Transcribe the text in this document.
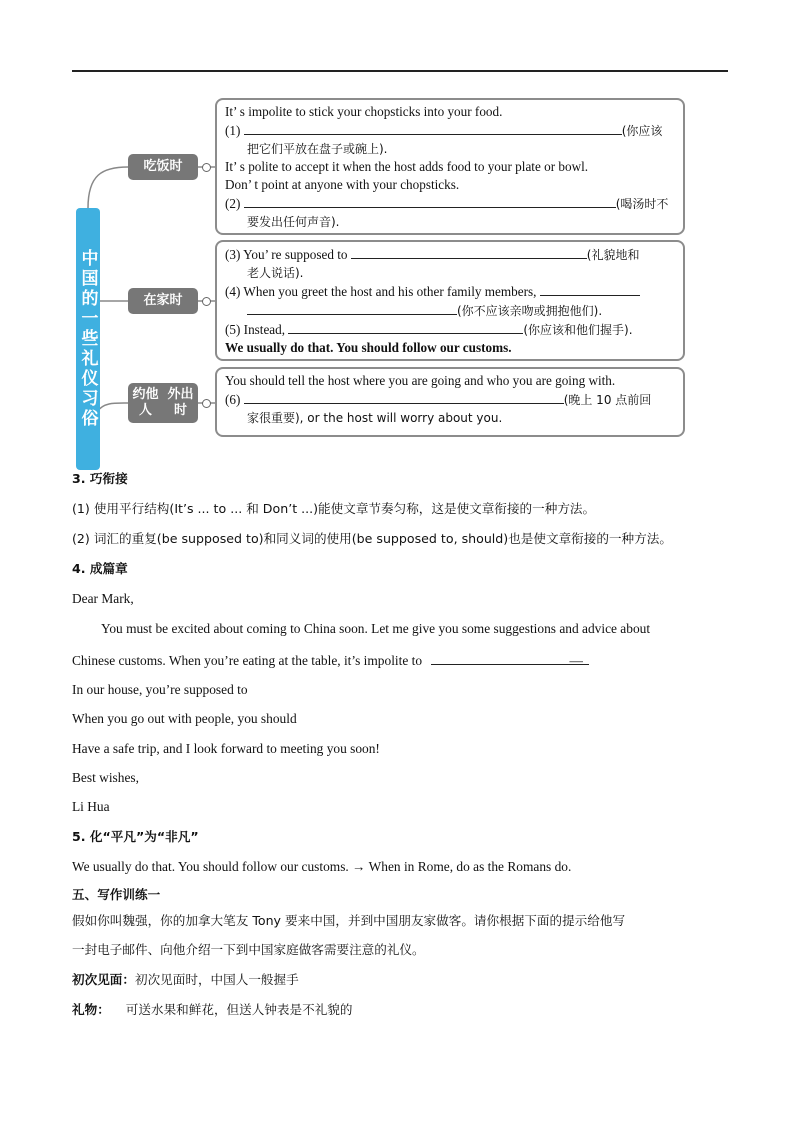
中国的一些礼仪习俗
吃饭时
在家时
约他人

外出时

It’ s impolite to stick your chopsticks into your food.

(1)	(你应该

把它们平放在盘子或碗上).

It’ s polite to accept it when the host adds food to your plate or bowl.

Don’ t point at anyone with your chopsticks.

(2)	(喝汤时不

要发出任何声音).

(3) You’ re supposed to	(礼貌地和

老人说话).

(4) When you greet the host and his other family members,

(你不应该亲吻或拥抱他们).

(5) Instead,	(你应该和他们握手).

We usually do that. You should follow our customs.

You should tell the host where you are going and who you are going with.

(6)	(晚上 10 点前回

家很重要), or the host will worry about you.

3. 巧衔接
(1) 使用平行结构(It’s ... to ... 和 Don’t ...)能使文章节奏匀称，这是使文章衔接的一种方法。
(2) 词汇的重复(be supposed to)和同义词的使用(be supposed to, should)也是使文章衔接的一种方法。
4. 成篇章
Dear Mark,
You must be excited about coming to China soon. Let me give you some suggestions and advice about
Chinese customs. When you’re eating at the table, it’s impolite to	—
In our house, you’re supposed to
When you go out with people, you should
Have a safe trip, and I look forward to meeting you soon!
Best wishes,
Li Hua
5. 化“平凡”为“非凡”
We usually do that. You should follow our customs. → When in Rome, do as the Romans do.
五、写作训练一
假如你叫魏强，你的加拿大笔友 Tony 要来中国，并到中国朋友家做客。请你根据下面的提示给他写
一封电子邮件、向他介绍一下到中国家庭做客需要注意的礼仪。
初次见面：初次见面时，中国人一般握手
礼物： 可送水果和鲜花，但送人钟表是不礼貌的
